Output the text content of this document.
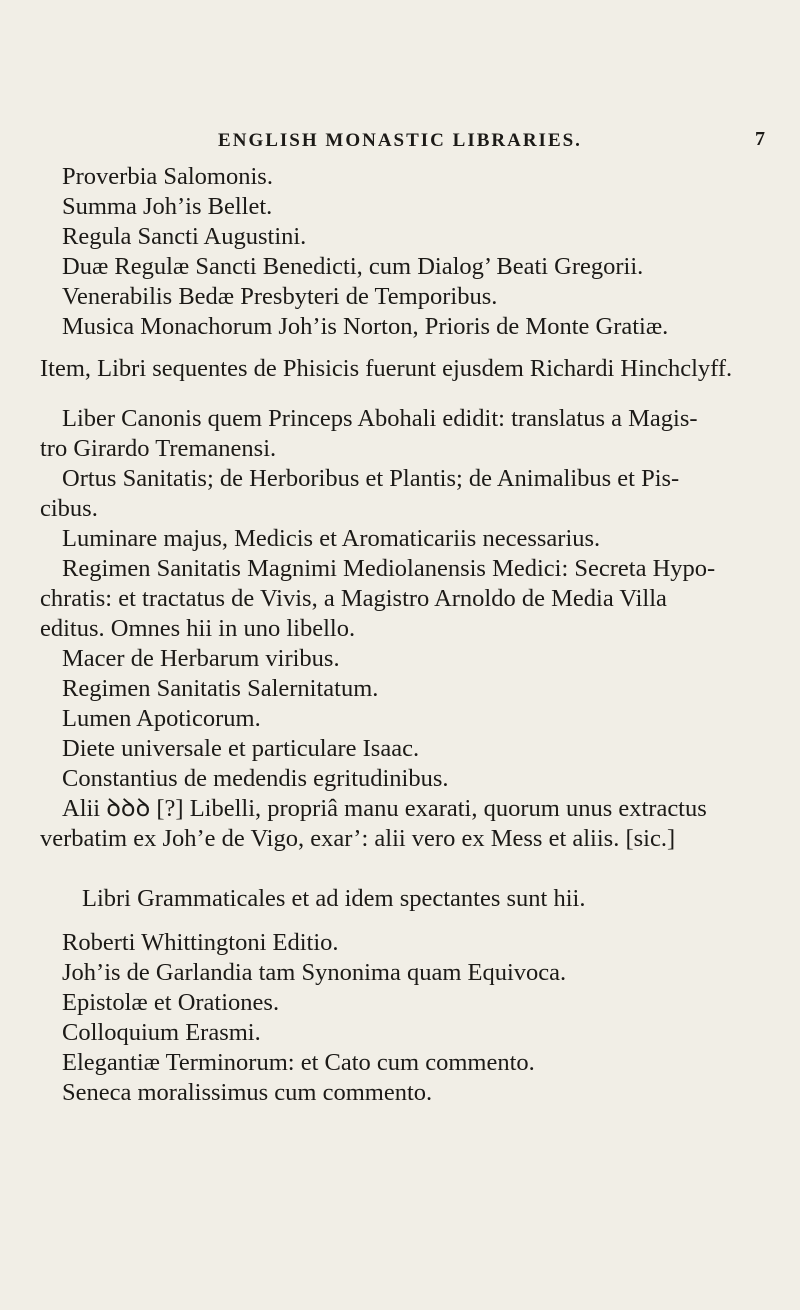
ENGLISH MONASTIC LIBRARIES.	7
Proverbia Salomonis.
Summa Joh’is Bellet.
Regula Sancti Augustini.
Duæ Regulæ Sancti Benedicti, cum Dialog’ Beati Gregorii.
Venerabilis Bedæ Presbyteri de Temporibus.
Musica Monachorum Joh’is Norton, Prioris de Monte Gratiæ.
Item, Libri sequentes de Phisicis fuerunt ejusdem Richardi Hinchclyff.
Liber Canonis quem Princeps Abohali edidit: translatus a Magis-
tro Girardo Tremanensi.
Ortus Sanitatis; de Herboribus et Plantis; de Animalibus et Pis-
cibus.
Luminare majus, Medicis et Aromaticariis necessarius.
Regimen Sanitatis Magnimi Mediolanensis Medici: Secreta Hypo-
chratis: et tractatus de Vivis, a Magistro Arnoldo de Media Villa
editus. Omnes hii in uno libello.
Macer de Herbarum viribus.
Regimen Sanitatis Salernitatum.
Lumen Apoticorum.
Diete universale et particulare Isaac.
Constantius de medendis egritudinibus.
Alii ꝺꝺꝺ [?] Libelli, propriâ manu exarati, quorum unus extractus
verbatim ex Joh’e de Vigo, exar’: alii vero ex Mess et aliis. [sic.]
Libri Grammaticales et ad idem spectantes sunt hii.
Roberti Whittingtoni Editio.
Joh’is de Garlandia tam Synonima quam Equivoca.
Epistolæ et Orationes.
Colloquium Erasmi.
Elegantiæ Terminorum: et Cato cum commento.
Seneca moralissimus cum commento.
